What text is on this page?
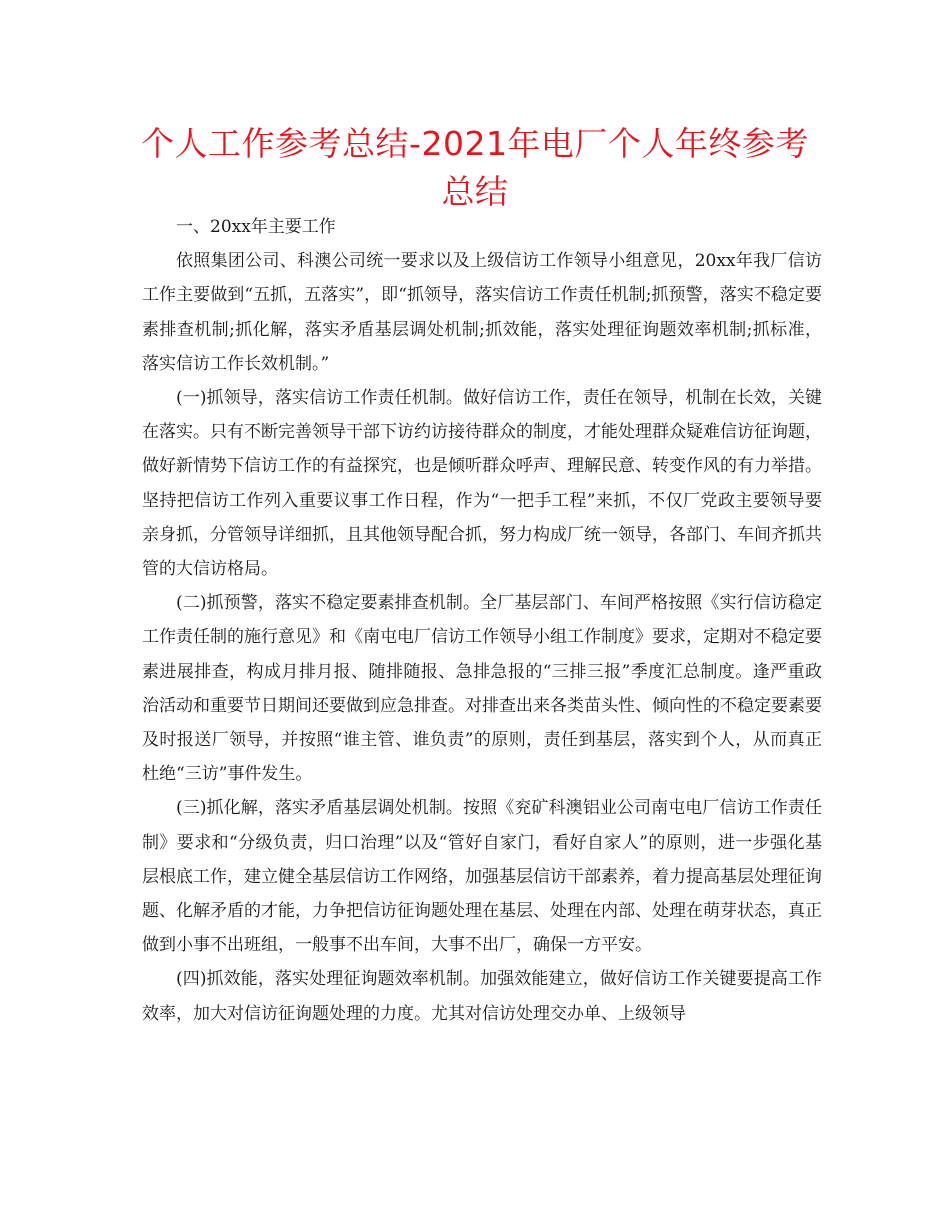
个人工作参考总结-2021年电厂个人年终参考总结

一、20xx年主要工作

依照集团公司、科澳公司统一要求以及上级信访工作领导小组意见，20xx年我厂信访工作主要做到“五抓，五落实”，即“抓领导，落实信访工作责任机制;抓预警，落实不稳定要素排查机制;抓化解，落实矛盾基层调处机制;抓效能，落实处理征询题效率机制;抓标准，落实信访工作长效机制。”

(一)抓领导，落实信访工作责任机制。做好信访工作，责任在领导，机制在长效，关键在落实。只有不断完善领导干部下访约访接待群众的制度，才能处理群众疑难信访征询题，做好新情势下信访工作的有益探究，也是倾听群众呼声、理解民意、转变作风的有力举措。坚持把信访工作列入重要议事工作日程，作为“一把手工程”来抓，不仅厂党政主要领导要亲身抓，分管领导详细抓，且其他领导配合抓，努力构成厂统一领导，各部门、车间齐抓共管的大信访格局。

(二)抓预警，落实不稳定要素排查机制。全厂基层部门、车间严格按照《实行信访稳定工作责任制的施行意见》和《南屯电厂信访工作领导小组工作制度》要求，定期对不稳定要素进展排查，构成月排月报、随排随报、急排急报的“三排三报”季度汇总制度。逢严重政治活动和重要节日期间还要做到应急排查。对排查出来各类苗头性、倾向性的不稳定要素要及时报送厂领导，并按照“谁主管、谁负责”的原则，责任到基层，落实到个人，从而真正杜绝“三访”事件发生。

(三)抓化解，落实矛盾基层调处机制。按照《兖矿科澳铝业公司南屯电厂信访工作责任制》要求和“分级负责，归口治理”以及“管好自家门，看好自家人”的原则，进一步强化基层根底工作，建立健全基层信访工作网络，加强基层信访干部素养，着力提高基层处理征询题、化解矛盾的才能，力争把信访征询题处理在基层、处理在内部、处理在萌芽状态，真正做到小事不出班组，一般事不出车间，大事不出厂，确保一方平安。

(四)抓效能，落实处理征询题效率机制。加强效能建立，做好信访工作关键要提高工作效率，加大对信访征询题处理的力度。尤其对信访处理交办单、上级领导
